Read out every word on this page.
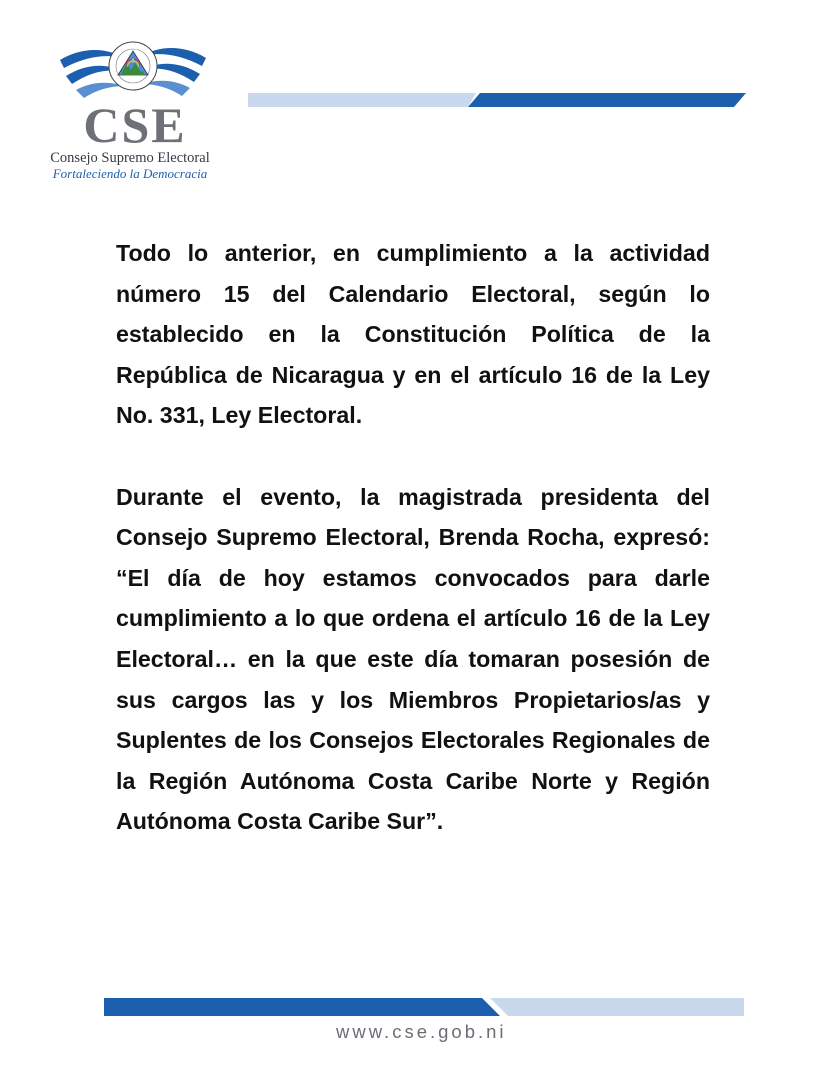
CSE
Consejo Supremo Electoral
Fortaleciendo la Democracia

Todo lo anterior, en cumplimiento a la actividad número 15 del Calendario Electoral, según lo establecido en la Constitución Política de la República de Nicaragua y en el artículo 16 de la Ley No. 331, Ley Electoral.

Durante el evento, la magistrada presidenta del Consejo Supremo Electoral, Brenda Rocha, expresó: “El día de hoy estamos convocados para darle cumplimiento a lo que ordena el artículo 16 de la Ley Electoral… en la que este día tomaran posesión de sus cargos las y los Miembros Propietarios/as y Suplentes de los Consejos Electorales Regionales de la Región Autónoma Costa Caribe Norte y Región Autónoma Costa Caribe Sur”.

www.cse.gob.ni
